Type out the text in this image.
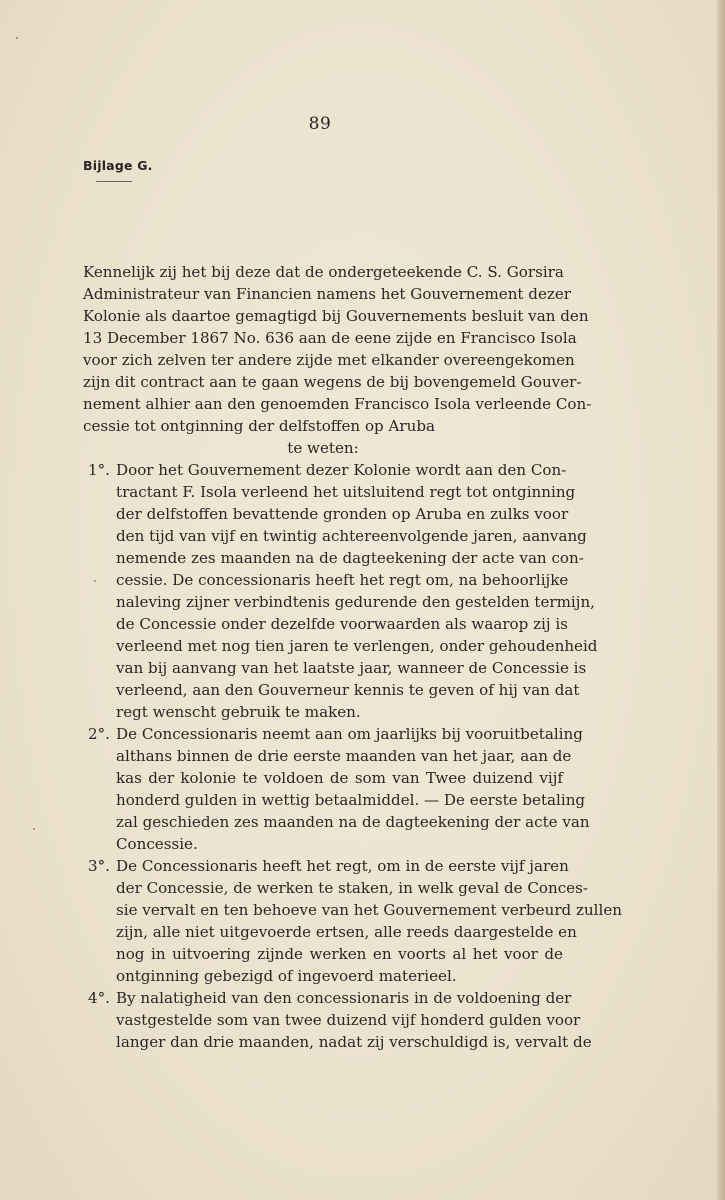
89
Bijlage G.
Kennelijk zij het bij deze dat de ondergeteekende C. S. Gorsira
Administrateur van Financien namens het Gouvernement dezer
Kolonie als daartoe gemagtigd bij Gouvernements besluit van den
13 December 1867 No. 636 aan de eene zijde en Francisco Isola
voor zich zelven ter andere zijde met elkander overeengekomen
zijn dit contract aan te gaan wegens de bij bovengemeld Gouver-
nement alhier aan den genoemden Francisco Isola verleende Con-
cessie tot ontginning der delfstoffen op Aruba
te weten:
1°. Door het Gouvernement dezer Kolonie wordt aan den Con-
tractant F. Isola verleend het uitsluitend regt tot ontginning
der delfstoffen bevattende gronden op Aruba en zulks voor
den tijd van vijf en twintig achtereenvolgende jaren, aanvang
nemende zes maanden na de dagteekening der acte van con-
cessie. De concessionaris heeft het regt om, na behoorlijke
naleving zijner verbindtenis gedurende den gestelden termijn,
de Concessie onder dezelfde voorwaarden als waarop zij is
verleend met nog tien jaren te verlengen, onder gehoudenheid
van bij aanvang van het laatste jaar, wanneer de Concessie is
verleend, aan den Gouverneur kennis te geven of hij van dat
regt wenscht gebruik te maken.
2°. De Concessionaris neemt aan om jaarlijks bij vooruitbetaling
althans binnen de drie eerste maanden van het jaar, aan de
kas der kolonie te voldoen de som van Twee duizend vijf
honderd gulden in wettig betaalmiddel. — De eerste betaling
zal geschieden zes maanden na de dagteekening der acte van
Concessie.
3°. De Concessionaris heeft het regt, om in de eerste vijf jaren
der Concessie, de werken te staken, in welk geval de Conces-
sie vervalt en ten behoeve van het Gouvernement verbeurd zullen
zijn, alle niet uitgevoerde ertsen, alle reeds daargestelde en
nog in uitvoering zijnde werken en voorts al het voor de
ontginning gebezigd of ingevoerd materieel.
4°. By nalatigheid van den concessionaris in de voldoening der
vastgestelde som van twee duizend vijf honderd gulden voor
langer dan drie maanden, nadat zij verschuldigd is, vervalt de
